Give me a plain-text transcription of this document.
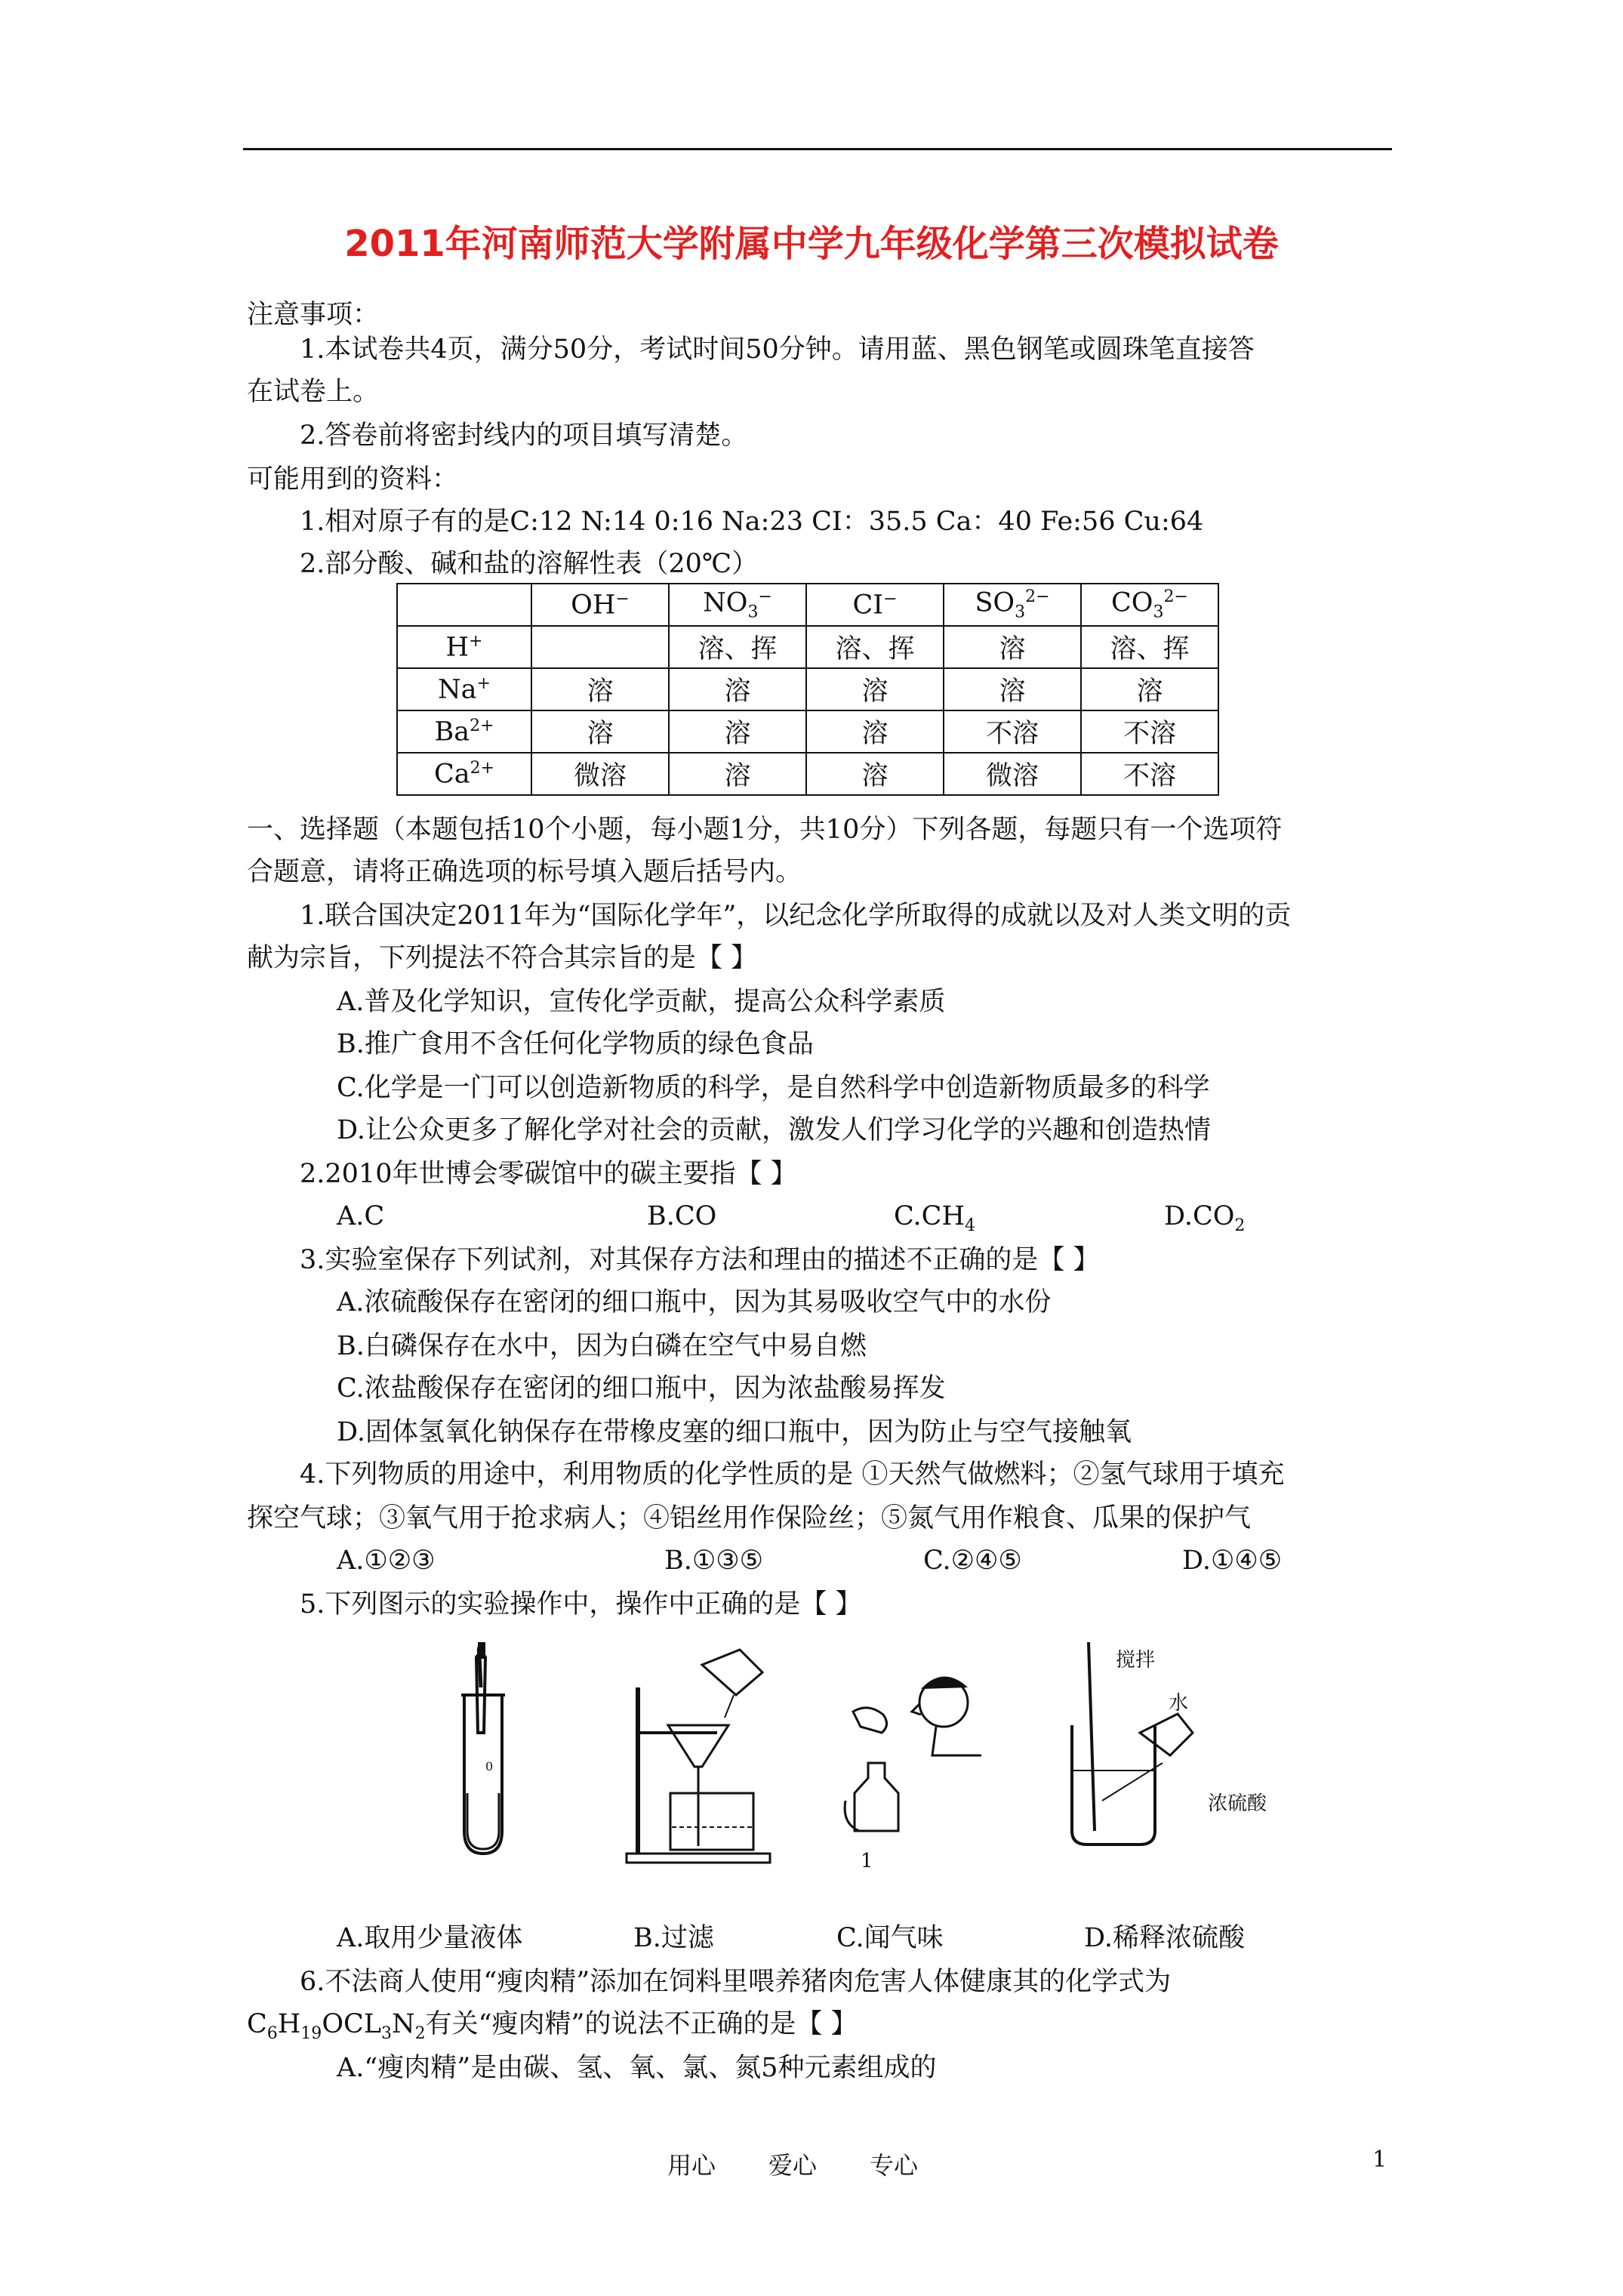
2011年河南师范大学附属中学九年级化学第三次模拟试卷
注意事项：
1.本试卷共4页，满分50分，考试时间50分钟。请用蓝、黑色钢笔或圆珠笔直接答
在试卷上。
2.答卷前将密封线内的项目填写清楚。
可能用到的资料：
1.相对原子有的是C:12 N:14 0:16 Na:23 CI：35.5 Ca：40 Fe:56 Cu:64
2.部分酸、碱和盐的溶解性表（20℃）
	OH−	$NO_3^-$	CI−	$SO_3^{2-}$	$CO_3^{2-}$
H+		溶、挥	溶、挥	溶	溶、挥
Na+	溶	溶	溶	溶	溶
$Ba^{2+}$	溶	溶	溶	不溶	不溶
$Ca^{2+}$	微溶	溶	溶	微溶	不溶
一、选择题（本题包括10个小题，每小题1分，共10分）下列各题，每题只有一个选项符
合题意，请将正确选项的标号填入题后括号内。
1.联合国决定2011年为“国际化学年”，以纪念化学所取得的成就以及对人类文明的贡
献为宗旨，下列提法不符合其宗旨的是【 】
A.普及化学知识，宣传化学贡献，提高公众科学素质
B.推广食用不含任何化学物质的绿色食品
C.化学是一门可以创造新物质的科学，是自然科学中创造新物质最多的科学
D.让公众更多了解化学对社会的贡献，激发人们学习化学的兴趣和创造热情
2.2010年世博会零碳馆中的碳主要指【 】
A.C	B.CO	$C.CH_4$	$D.CO_2$
3.实验室保存下列试剂，对其保存方法和理由的描述不正确的是【 】
A.浓硫酸保存在密闭的细口瓶中，因为其易吸收空气中的水份
B.白磷保存在水中，因为白磷在空气中易自燃
C.浓盐酸保存在密闭的细口瓶中，因为浓盐酸易挥发
D.固体氢氧化钠保存在带橡皮塞的细口瓶中，因为防止与空气接触氧
4.下列物质的用途中，利用物质的化学性质的是 ①天然气做燃料；②氢气球用于填充
探空气球；③氧气用于抢求病人；④铝丝用作保险丝；⑤氮气用作粮食、瓜果的保护气
A.①②③	B.①③⑤	C.②④⑤	D.①④⑤
5.下列图示的实验操作中，操作中正确的是【 】
0
1
搅拌
水
浓硫酸
A.取用少量液体	B.过滤	C.闻气味	D.稀释浓硫酸
6.不法商人使用“瘦肉精”添加在饲料里喂养猪肉危害人体健康其的化学式为
$C_6H_{19}OCL_3N_2$有关“瘦肉精”的说法不正确的是【 】
A.“瘦肉精”是由碳、氢、氧、氯、氮5种元素组成的
用心 爱心 专心	1
